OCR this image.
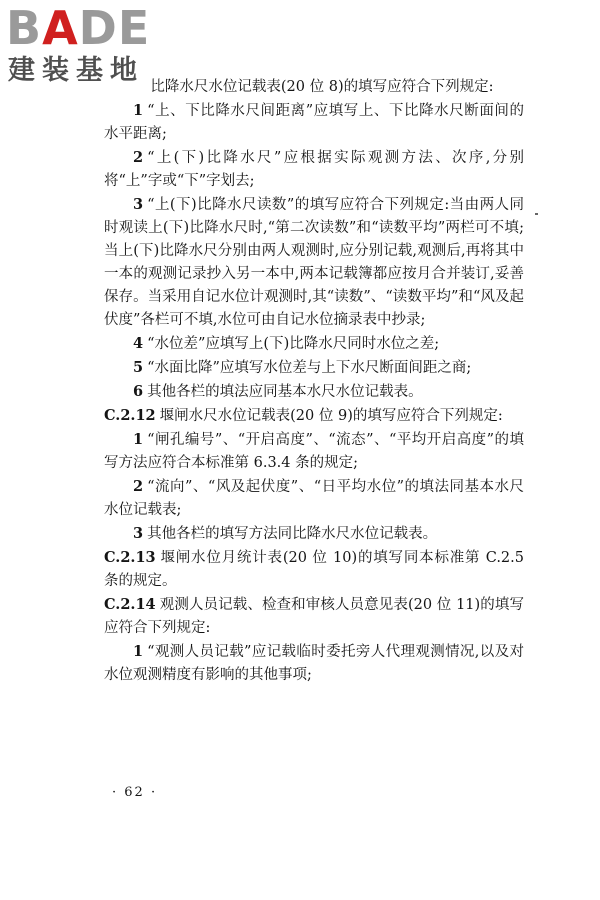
BADE
建装基地

比降水尺水位记载表(20 位 8)的填写应符合下列规定:

1 “上、下比降水尺间距离”应填写上、下比降水尺断面间的水平距离;

2 “上(下)比降水尺”应根据实际观测方法、次序,分别将“上”字或“下”字划去;

3 “上(下)比降水尺读数”的填写应符合下列规定:当由两人同时观读上(下)比降水尺时,“第二次读数”和“读数平均”两栏可不填;当上(下)比降水尺分别由两人观测时,应分别记载,观测后,再将其中一本的观测记录抄入另一本中,两本记载簿都应按月合并装订,妥善保存。当采用自记水位计观测时,其“读数”、“读数平均”和“风及起伏度”各栏可不填,水位可由自记水位摘录表中抄录;

4 “水位差”应填写上(下)比降水尺同时水位之差;

5 “水面比降”应填写水位差与上下水尺断面间距之商;

6 其他各栏的填法应同基本水尺水位记载表。

C.2.12 堰闸水尺水位记载表(20 位 9)的填写应符合下列规定:

1 “闸孔编号”、“开启高度”、“流态”、“平均开启高度”的填写方法应符合本标准第 6.3.4 条的规定;

2 “流向”、“风及起伏度”、“日平均水位”的填法同基本水尺水位记载表;

3 其他各栏的填写方法同比降水尺水位记载表。

C.2.13 堰闸水位月统计表(20 位 10)的填写同本标准第 C.2.5 条的规定。

C.2.14 观测人员记载、检查和审核人员意见表(20 位 11)的填写应符合下列规定:

1 “观测人员记载”应记载临时委托旁人代理观测情况,以及对水位观测精度有影响的其他事项;

· 62 ·
